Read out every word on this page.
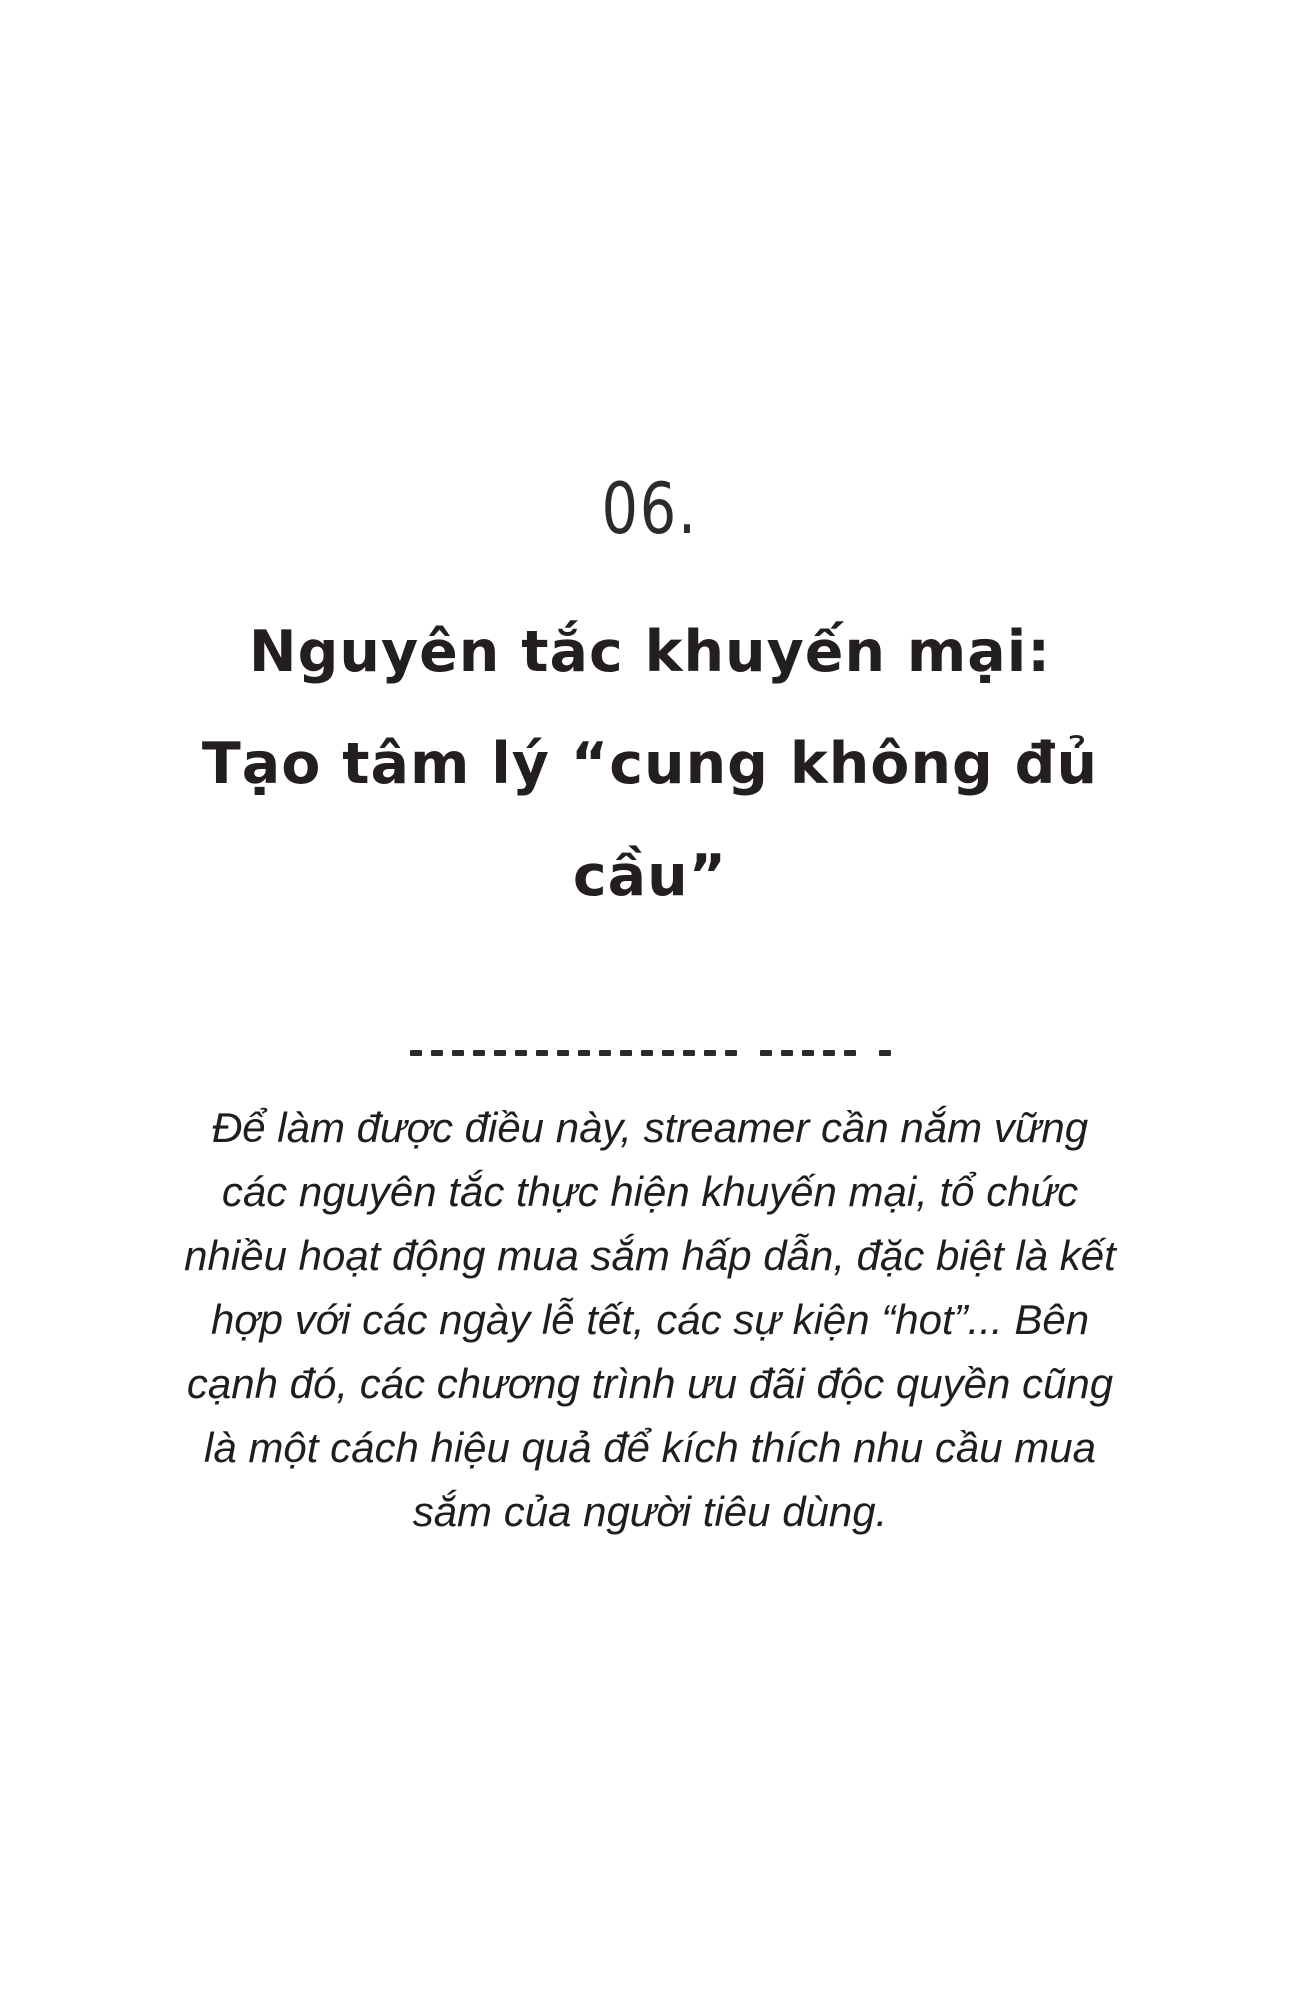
06.
Nguyên tắc khuyến mại:
Tạo tâm lý “cung không đủ
cầu”
Để làm được điều này, streamer cần nắm vững
các nguyên tắc thực hiện khuyến mại, tổ chức
nhiều hoạt động mua sắm hấp dẫn, đặc biệt là kết
hợp với các ngày lễ tết, các sự kiện “hot”... Bên
cạnh đó, các chương trình ưu đãi độc quyền cũng
là một cách hiệu quả để kích thích nhu cầu mua
sắm của người tiêu dùng.
